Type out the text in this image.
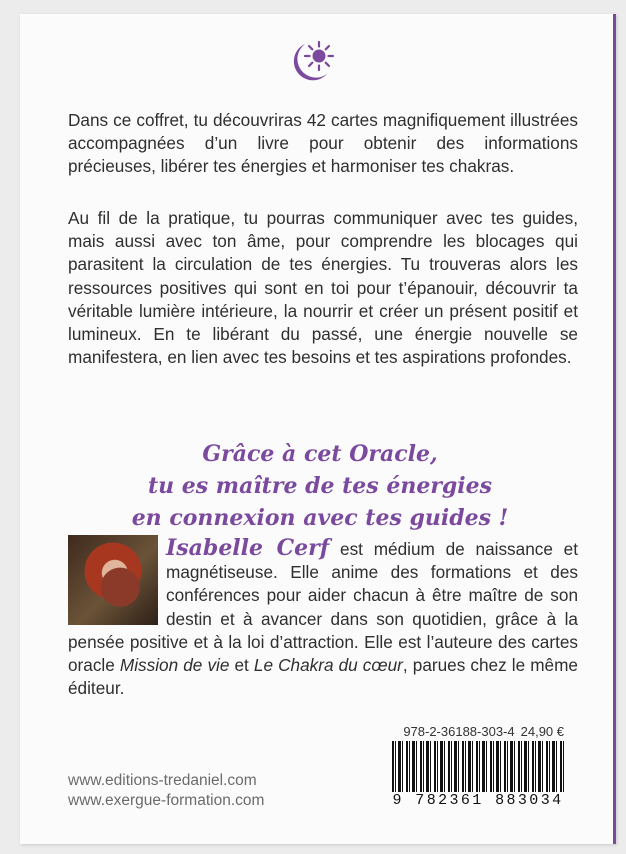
Dans ce coffret, tu découvriras 42 cartes magnifiquement illustrées accompagnées d’un livre pour obtenir des informations précieuses, libérer tes énergies et harmoniser tes chakras.

Au fil de la pratique, tu pourras communiquer avec tes guides, mais aussi avec ton âme, pour comprendre les blocages qui parasitent la circulation de tes énergies. Tu trouveras alors les ressources positives qui sont en toi pour t’épanouir, découvrir ta véritable lumière intérieure, la nourrir et créer un présent positif et lumineux. En te libérant du passé, une énergie nouvelle se manifestera, en lien avec tes besoins et tes aspirations profondes.

Grâce à cet Oracle,
tu es maître de tes énergies
en connexion avec tes guides !

Isabelle Cerf est médium de naissance et magnétiseuse. Elle anime des formations et des conférences pour aider chacun à être maître de son destin et à avancer dans son quotidien, grâce à la pensée positive et à la loi d’attraction. Elle est l’auteure des cartes oracle Mission de vie et Le Chakra du cœur, parues chez le même éditeur.

978-2-36188-303-4 24,90 €
9 782361 883034
www.editions-tredaniel.com
www.exergue-formation.com
